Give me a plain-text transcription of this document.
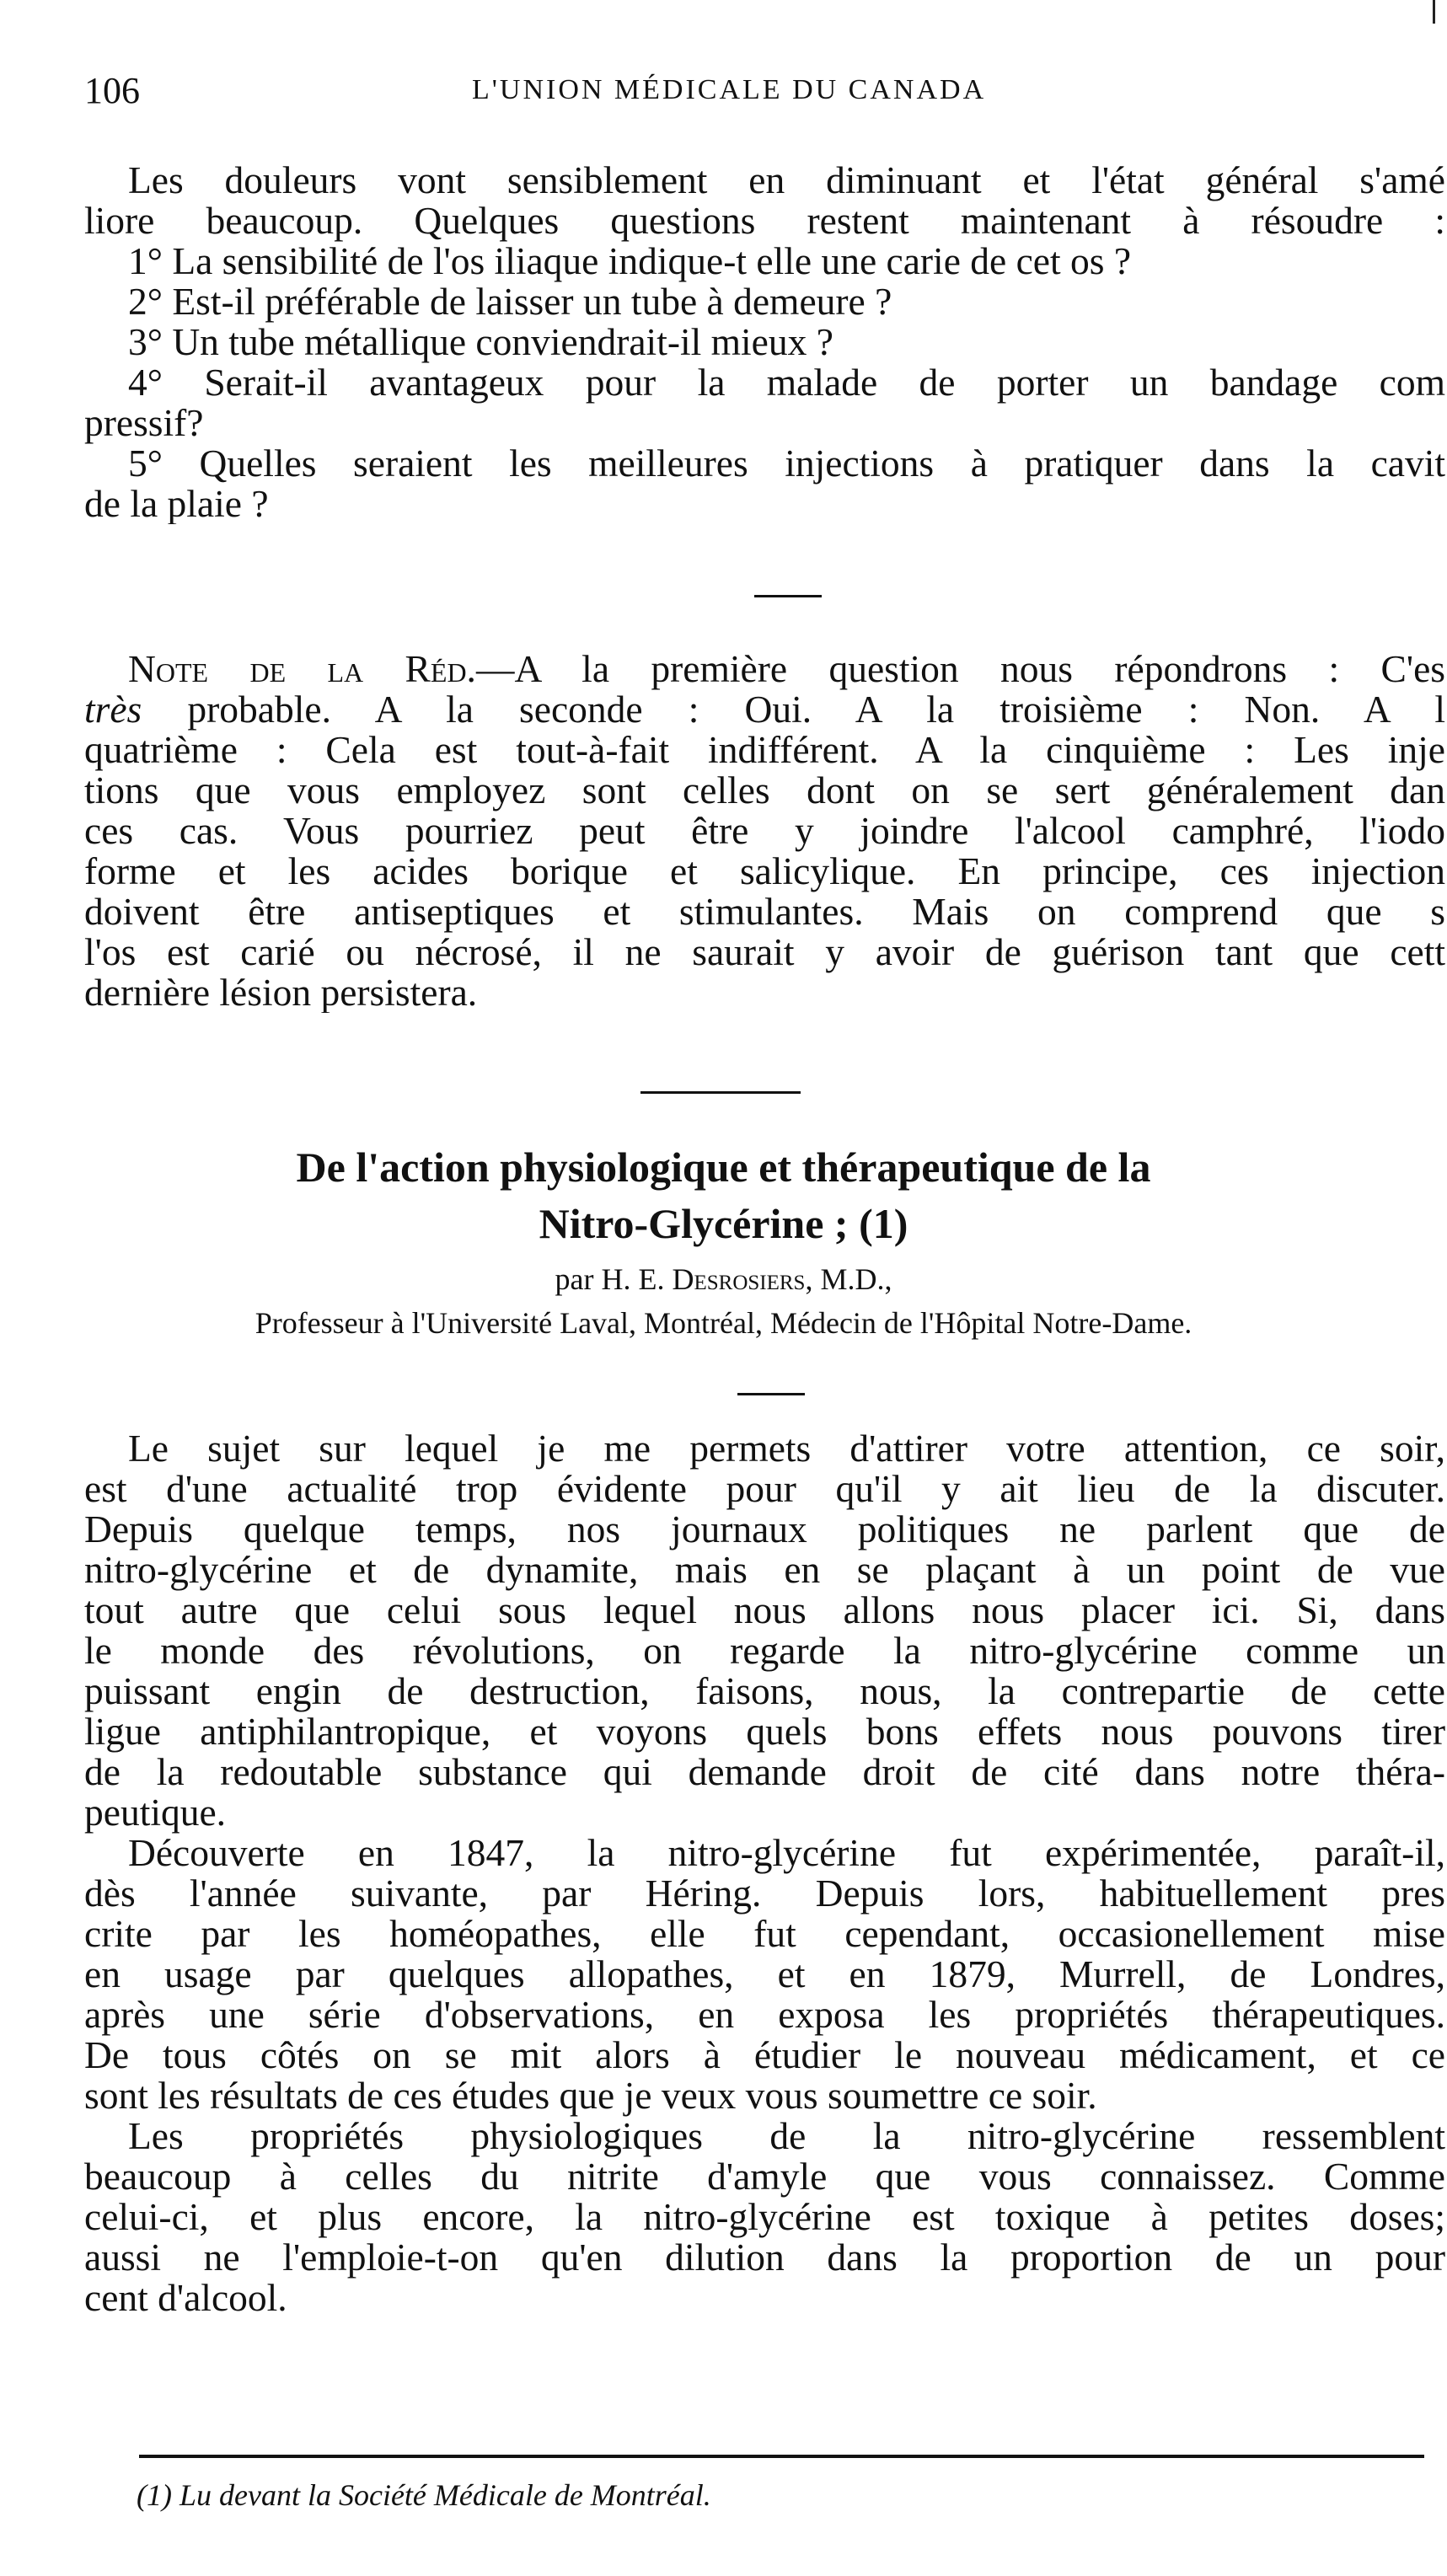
106	L'UNION MÉDICALE DU CANADA
Les douleurs vont sensiblement en diminuant et l'état général s'amé
liore beaucoup. Quelques questions restent maintenant à résoudre :
1° La sensibilité de l'os iliaque indique-t elle une carie de cet os ?
2° Est-il préférable de laisser un tube à demeure ?
3° Un tube métallique conviendrait-il mieux ?
4° Serait-il avantageux pour la malade de porter un bandage com
pressif?
5° Quelles seraient les meilleures injections à pratiquer dans la cavit
de la plaie ?
Note de la Réd.—A la première question nous répondrons : C'es
très probable. A la seconde : Oui. A la troisième : Non. A l
quatrième : Cela est tout-à-fait indifférent. A la cinquième : Les inje
tions que vous employez sont celles dont on se sert généralement dan
ces cas. Vous pourriez peut être y joindre l'alcool camphré, l'iodo
forme et les acides borique et salicylique. En principe, ces injection
doivent être antiseptiques et stimulantes. Mais on comprend que s
l'os est carié ou nécrosé, il ne saurait y avoir de guérison tant que cett
dernière lésion persistera.
De l'action physiologique et thérapeutique de la
Nitro-Glycérine ; (1)
par H. E. Desrosiers, M.D.,
Professeur à l'Université Laval, Montréal, Médecin de l'Hôpital Notre-Dame.
Le sujet sur lequel je me permets d'attirer votre attention, ce soir,
est d'une actualité trop évidente pour qu'il y ait lieu de la discuter.
Depuis quelque temps, nos journaux politiques ne parlent que de
nitro-glycérine et de dynamite, mais en se plaçant à un point de vue
tout autre que celui sous lequel nous allons nous placer ici. Si, dans
le monde des révolutions, on regarde la nitro-glycérine comme un
puissant engin de destruction, faisons, nous, la contrepartie de cette
ligue antiphilantropique, et voyons quels bons effets nous pouvons tirer
de la redoutable substance qui demande droit de cité dans notre théra-
peutique.
Découverte en 1847, la nitro-glycérine fut expérimentée, paraît-il,
dès l'année suivante, par Héring. Depuis lors, habituellement pres
crite par les homéopathes, elle fut cependant, occasionellement mise
en usage par quelques allopathes, et en 1879, Murrell, de Londres,
après une série d'observations, en exposa les propriétés thérapeutiques.
De tous côtés on se mit alors à étudier le nouveau médicament, et ce
sont les résultats de ces études que je veux vous soumettre ce soir.
Les propriétés physiologiques de la nitro-glycérine ressemblent
beaucoup à celles du nitrite d'amyle que vous connaissez. Comme
celui-ci, et plus encore, la nitro-glycérine est toxique à petites doses;
aussi ne l'emploie-t-on qu'en dilution dans la proportion de un pour
cent d'alcool.
(1) Lu devant la Société Médicale de Montréal.
